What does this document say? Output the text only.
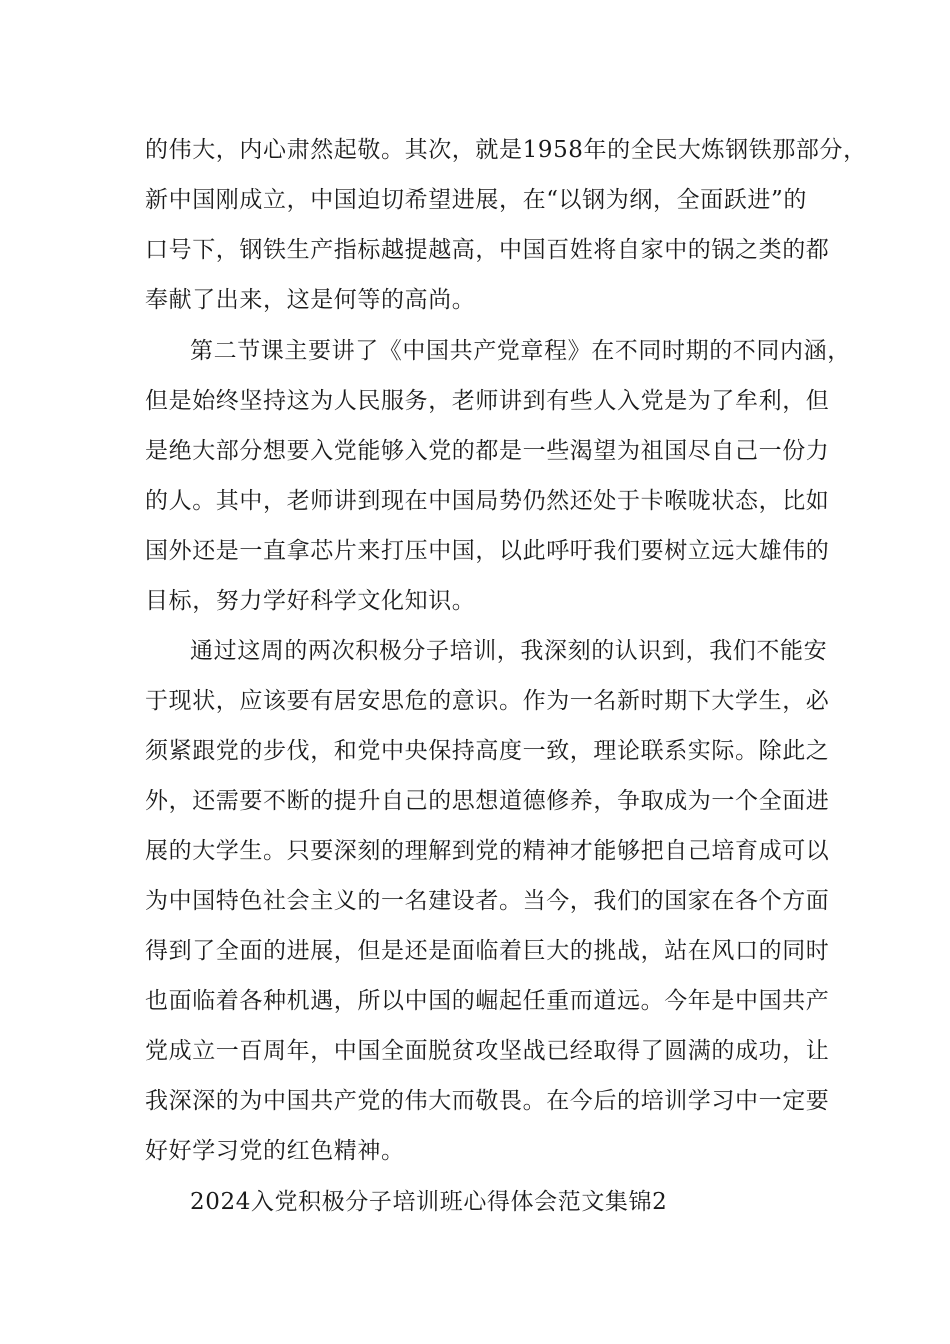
的伟大，内心肃然起敬。其次，就是1958年的全民大炼钢铁那部分，
新中国刚成立，中国迫切希望进展，在“以钢为纲，全面跃进”的
口号下，钢铁生产指标越提越高，中国百姓将自家中的锅之类的都
奉献了出来，这是何等的高尚。
第二节课主要讲了《中国共产党章程》在不同时期的不同内涵，
但是始终坚持这为人民服务，老师讲到有些人入党是为了牟利，但
是绝大部分想要入党能够入党的都是一些渴望为祖国尽自己一份力
的人。其中，老师讲到现在中国局势仍然还处于卡喉咙状态，比如
国外还是一直拿芯片来打压中国，以此呼吁我们要树立远大雄伟的
目标，努力学好科学文化知识。
通过这周的两次积极分子培训，我深刻的认识到，我们不能安
于现状，应该要有居安思危的意识。作为一名新时期下大学生，必
须紧跟党的步伐，和党中央保持高度一致，理论联系实际。除此之
外，还需要不断的提升自己的思想道德修养，争取成为一个全面进
展的大学生。只要深刻的理解到党的精神才能够把自己培育成可以
为中国特色社会主义的一名建设者。当今，我们的国家在各个方面
得到了全面的进展，但是还是面临着巨大的挑战，站在风口的同时
也面临着各种机遇，所以中国的崛起任重而道远。今年是中国共产
党成立一百周年，中国全面脱贫攻坚战已经取得了圆满的成功，让
我深深的为中国共产党的伟大而敬畏。在今后的培训学习中一定要
好好学习党的红色精神。
2024入党积极分子培训班心得体会范文集锦2
